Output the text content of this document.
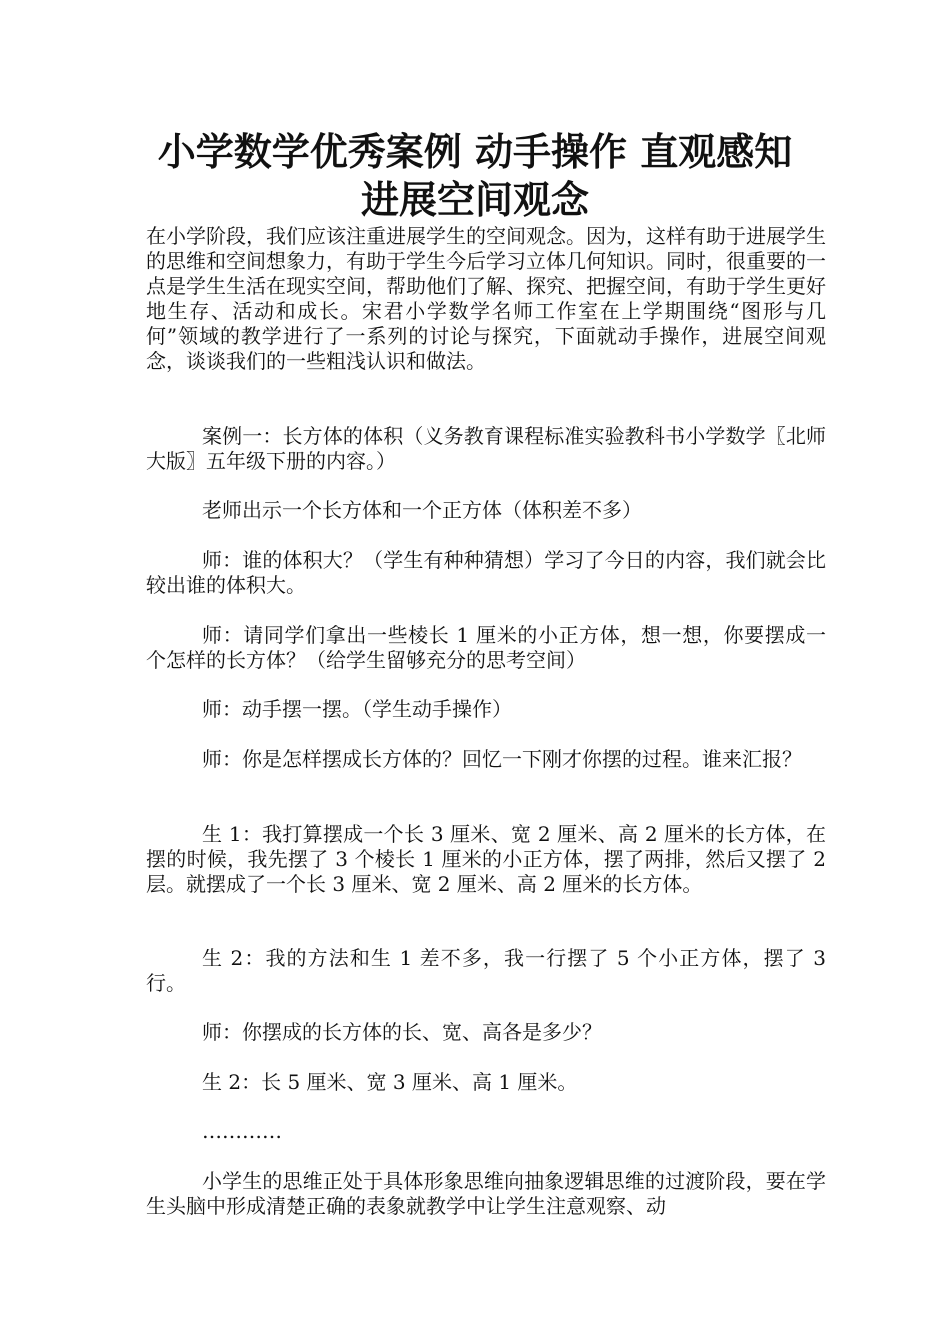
小学数学优秀案例 动手操作 直观感知
进展空间观念

在小学阶段，我们应该注重进展学生的空间观念。因为，这样有助于进展学生的思维和空间想象力，有助于学生今后学习立体几何知识。同时，很重要的一点是学生生活在现实空间，帮助他们了解、探究、把握空间，有助于学生更好地生存、活动和成长。宋君小学数学名师工作室在上学期围绕“图形与几何”领域的教学进行了一系列的讨论与探究，下面就动手操作，进展空间观念，谈谈我们的一些粗浅认识和做法。

案例一：长方体的体积（义务教育课程标准实验教科书小学数学〖北师大版〗五年级下册的内容。）

老师出示一个长方体和一个正方体（体积差不多）

师：谁的体积大？（学生有种种猜想）学习了今日的内容，我们就会比较出谁的体积大。

师：请同学们拿出一些棱长 1 厘米的小正方体，想一想，你要摆成一个怎样的长方体？（给学生留够充分的思考空间）

师：动手摆一摆。（学生动手操作）

师：你是怎样摆成长方体的？回忆一下刚才你摆的过程。谁来汇报？

生 1：我打算摆成一个长 3 厘米、宽 2 厘米、高 2 厘米的长方体，在摆的时候，我先摆了 3 个棱长 1 厘米的小正方体，摆了两排，然后又摆了 2 层。就摆成了一个长 3 厘米、宽 2 厘米、高 2 厘米的长方体。

生 2：我的方法和生 1 差不多，我一行摆了 5 个小正方体，摆了 3 行。

师：你摆成的长方体的长、宽、高各是多少？

生 2：长 5 厘米、宽 3 厘米、高 1 厘米。

…………

小学生的思维正处于具体形象思维向抽象逻辑思维的过渡阶段，要在学生头脑中形成清楚正确的表象就教学中让学生注意观察、动
